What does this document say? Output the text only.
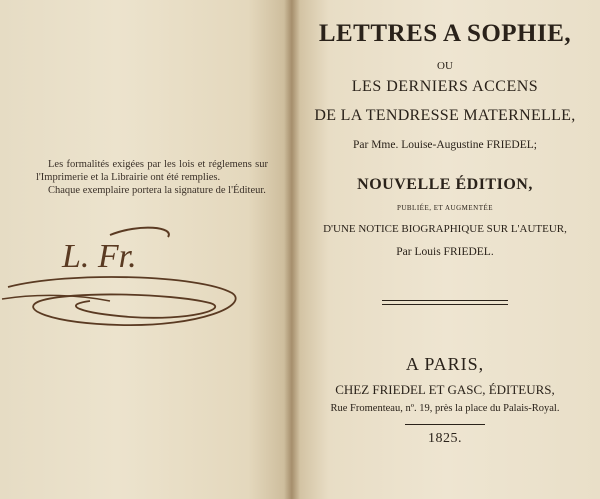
Les formalités exigées par les lois et réglemens sur l'Imprimerie et la Librairie ont été remplies.

Chaque exemplaire portera la signature de l'Éditeur.

L. Fr.
LETTRES A SOPHIE,
OU
LES DERNIERS ACCENS
DE LA TENDRESSE MATERNELLE,
Par Mme. Louise-Augustine FRIEDEL;
NOUVELLE ÉDITION,
PUBLIÉE, ET AUGMENTÉE
D'UNE NOTICE BIOGRAPHIQUE SUR L'AUTEUR,
Par Louis FRIEDEL.
A PARIS,
CHEZ FRIEDEL ET GASC, ÉDITEURS,
Rue Fromenteau, nº. 19, près la place du Palais-Royal.
1825.
